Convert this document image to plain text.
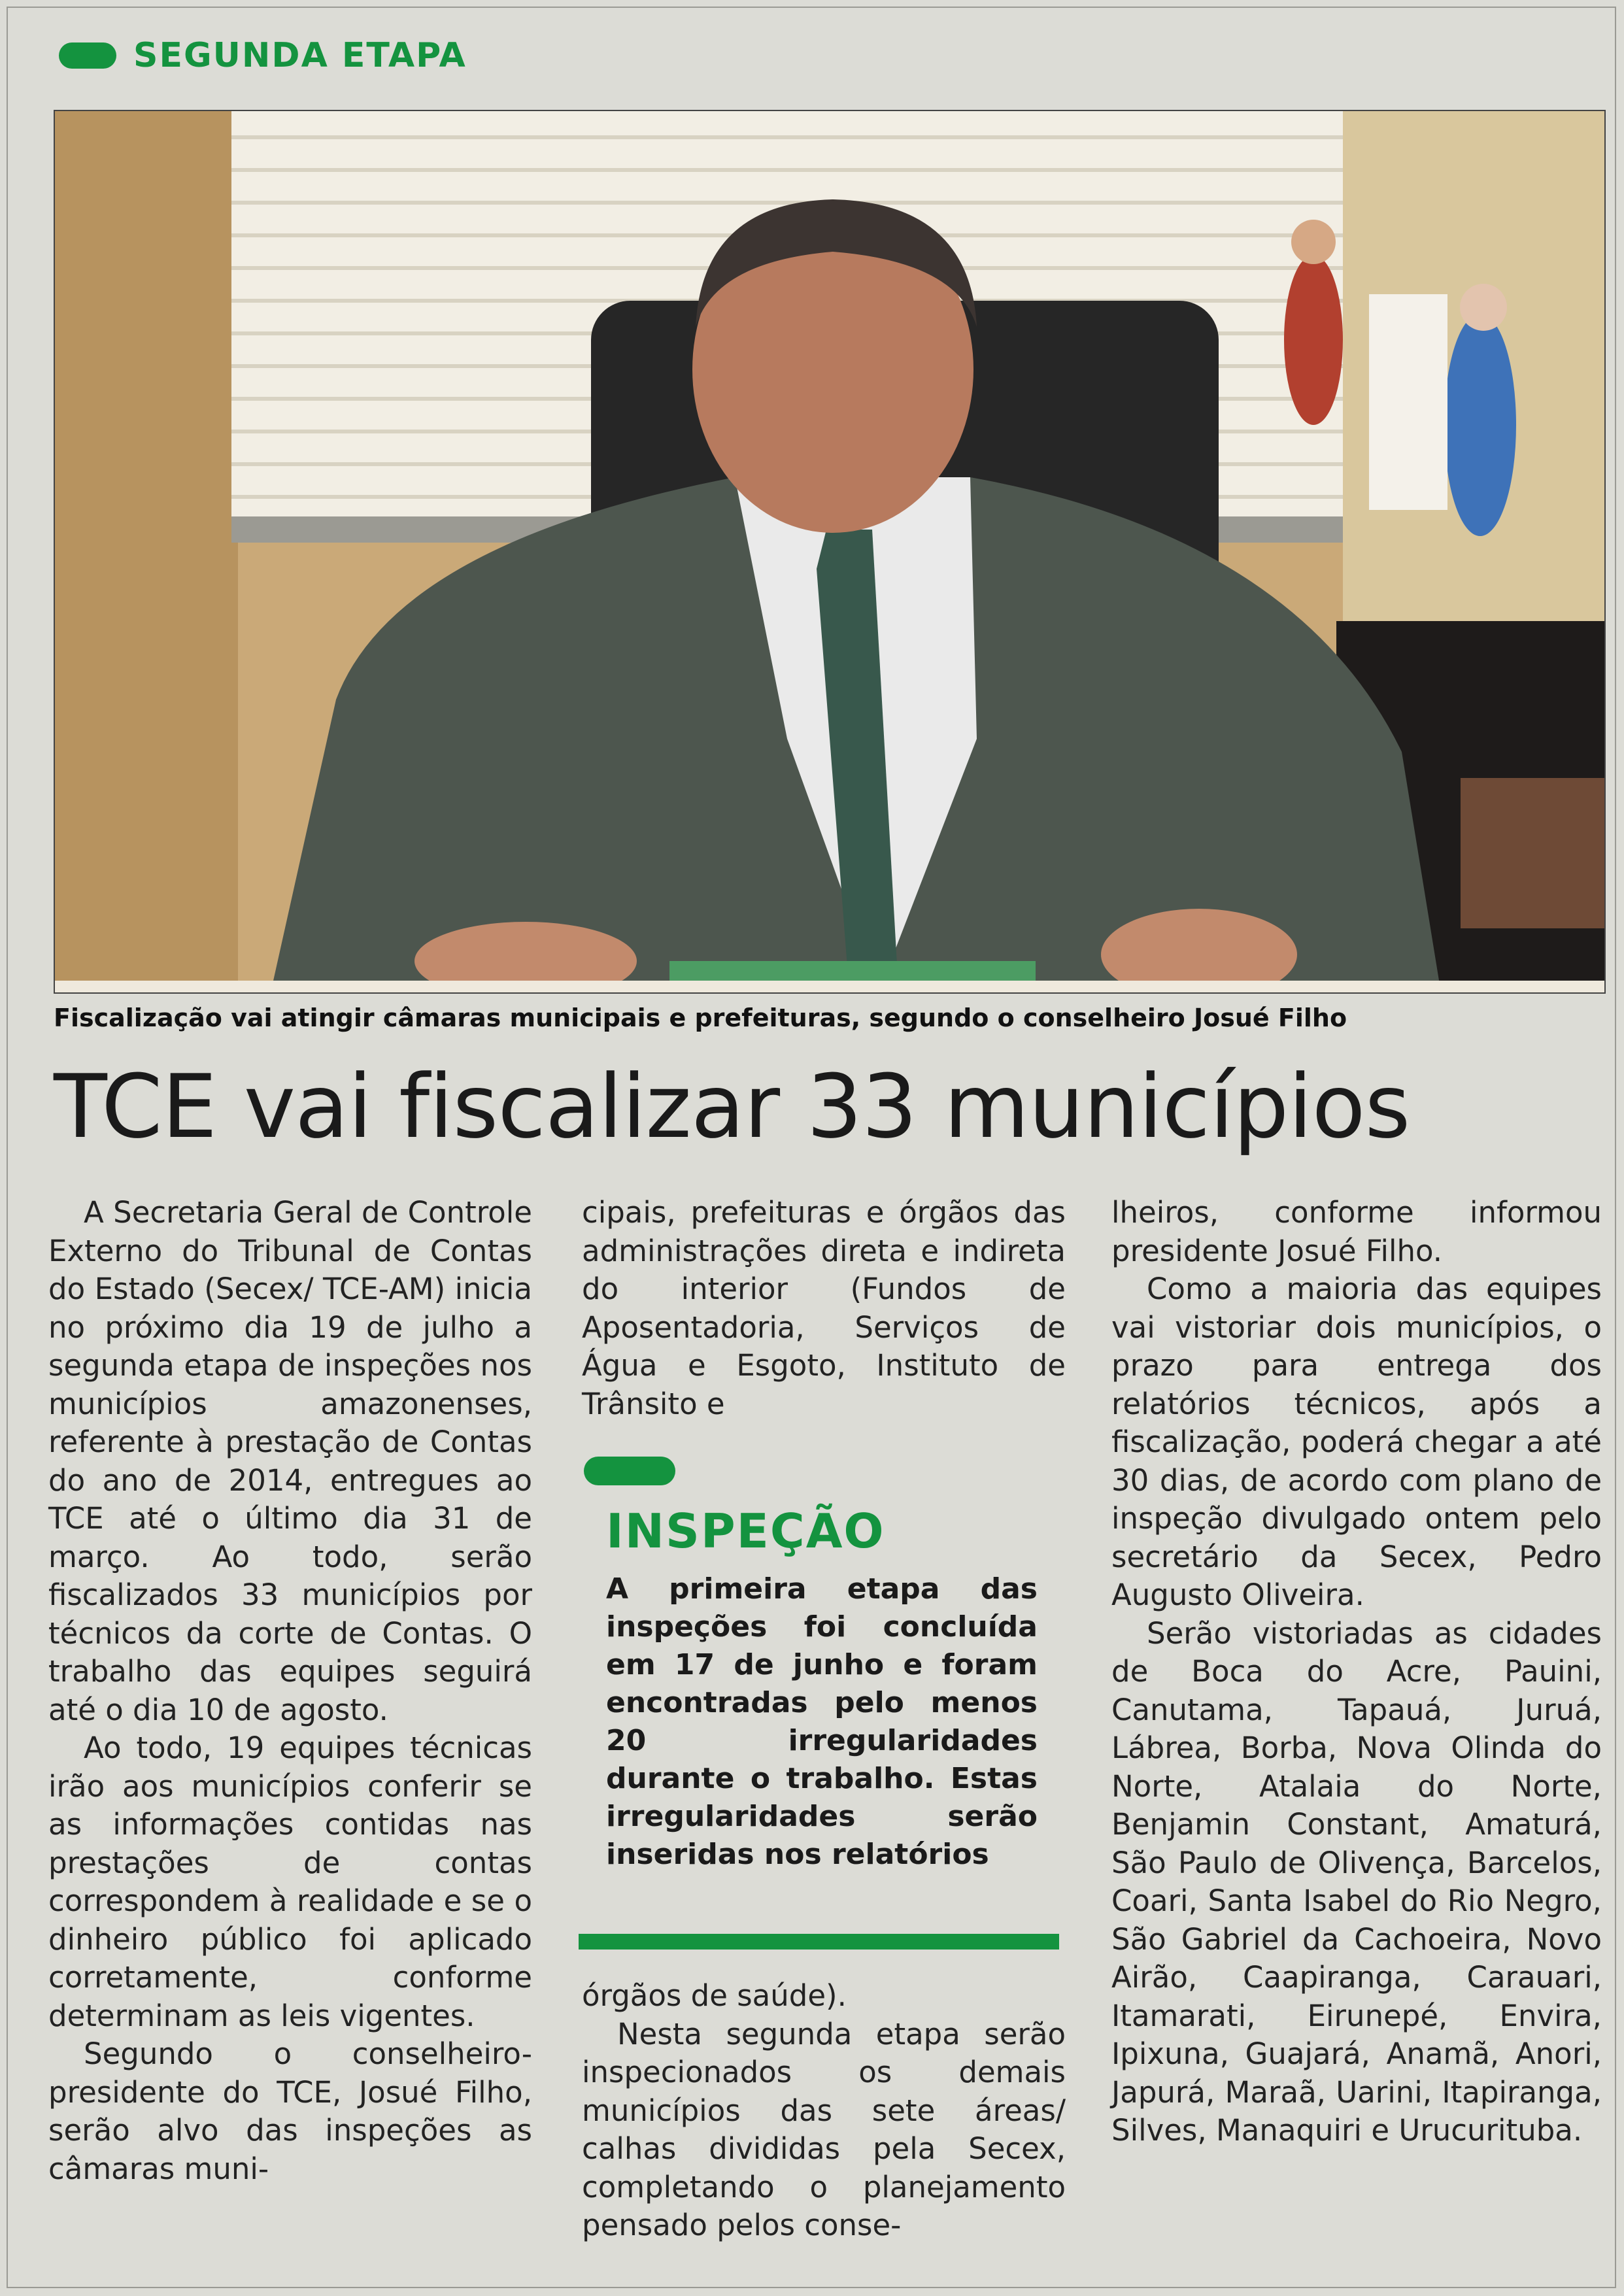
SEGUNDA ETAPA
Fiscalização vai atingir câmaras municipais e prefeituras, segundo o conselheiro Josué Filho
TCE vai fiscalizar 33 municípios

A Secretaria Geral de Controle Externo do Tribunal de Contas do Estado (Secex/ TCE-AM) inicia no próximo dia 19 de julho a segunda etapa de inspeções nos municípios amazonenses, referente à prestação de Contas do ano de 2014, entregues ao TCE até o último dia 31 de março. Ao todo, serão fiscalizados 33 municípios por técnicos da corte de Contas. O trabalho das equipes seguirá até o dia 10 de agosto.

Ao todo, 19 equipes técnicas irão aos municípios conferir se as informações contidas nas prestações de contas correspondem à realidade e se o dinheiro público foi aplicado corretamente, conforme determinam as leis vigentes.

Segundo o conselheiro-presidente do TCE, Josué Filho, serão alvo das inspeções as câmaras muni-

cipais, prefeituras e órgãos das administrações direta e indireta do interior (Fundos de Aposentadoria, Serviços de Água e Esgoto, Instituto de Trânsito e

INSPEÇÃO
A primeira etapa das inspeções foi concluída em 17 de junho e foram encontradas pelo menos 20 irregularidades durante o trabalho. Estas irregularidades serão inseridas nos relatórios

órgãos de saúde).

Nesta segunda etapa serão inspecionados os demais municípios das sete áreas/ calhas divididas pela Secex, completando o planejamento pensado pelos conse-

lheiros, conforme informou presidente Josué Filho.

Como a maioria das equipes vai vistoriar dois municípios, o prazo para entrega dos relatórios técnicos, após a fiscalização, poderá chegar a até 30 dias, de acordo com plano de inspeção divulgado ontem pelo secretário da Secex, Pedro Augusto Oliveira.

Serão vistoriadas as cidades de Boca do Acre, Pauini, Canutama, Tapauá, Juruá, Lábrea, Borba, Nova Olinda do Norte, Atalaia do Norte, Benjamin Constant, Amaturá, São Paulo de Olivença, Barcelos, Coari, Santa Isabel do Rio Negro, São Gabriel da Cachoeira, Novo Airão, Caapiranga, Carauari, Itamarati, Eirunepé, Envira, Ipixuna, Guajará, Anamã, Anori, Japurá, Maraã, Uarini, Itapiranga, Silves, Manaquiri e Urucurituba.
